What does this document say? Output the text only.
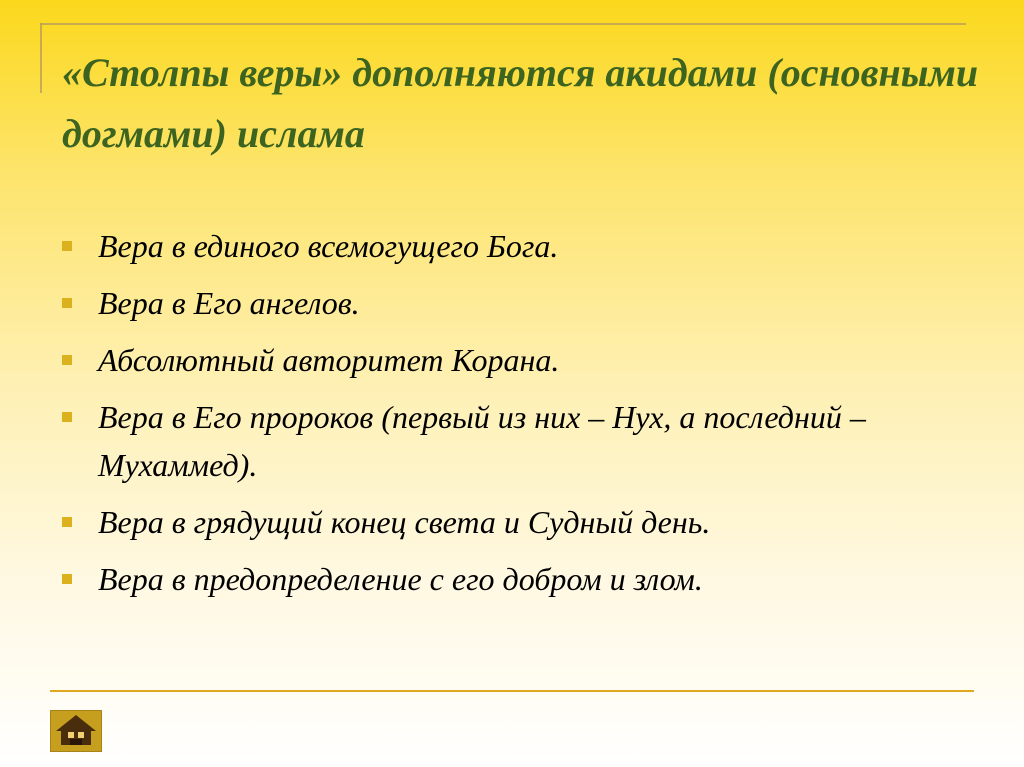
«Столпы веры» дополняются акидами (основными догмами) ислама
Вера в единого всемогущего Бога.
Вера в Его ангелов.
Абсолютный авторитет Корана.
Вера в Его пророков (первый из них – Нух, а последний – Мухаммед).
Вера в грядущий конец света и Судный день.
Вера в предопределение с его добром и злом.
